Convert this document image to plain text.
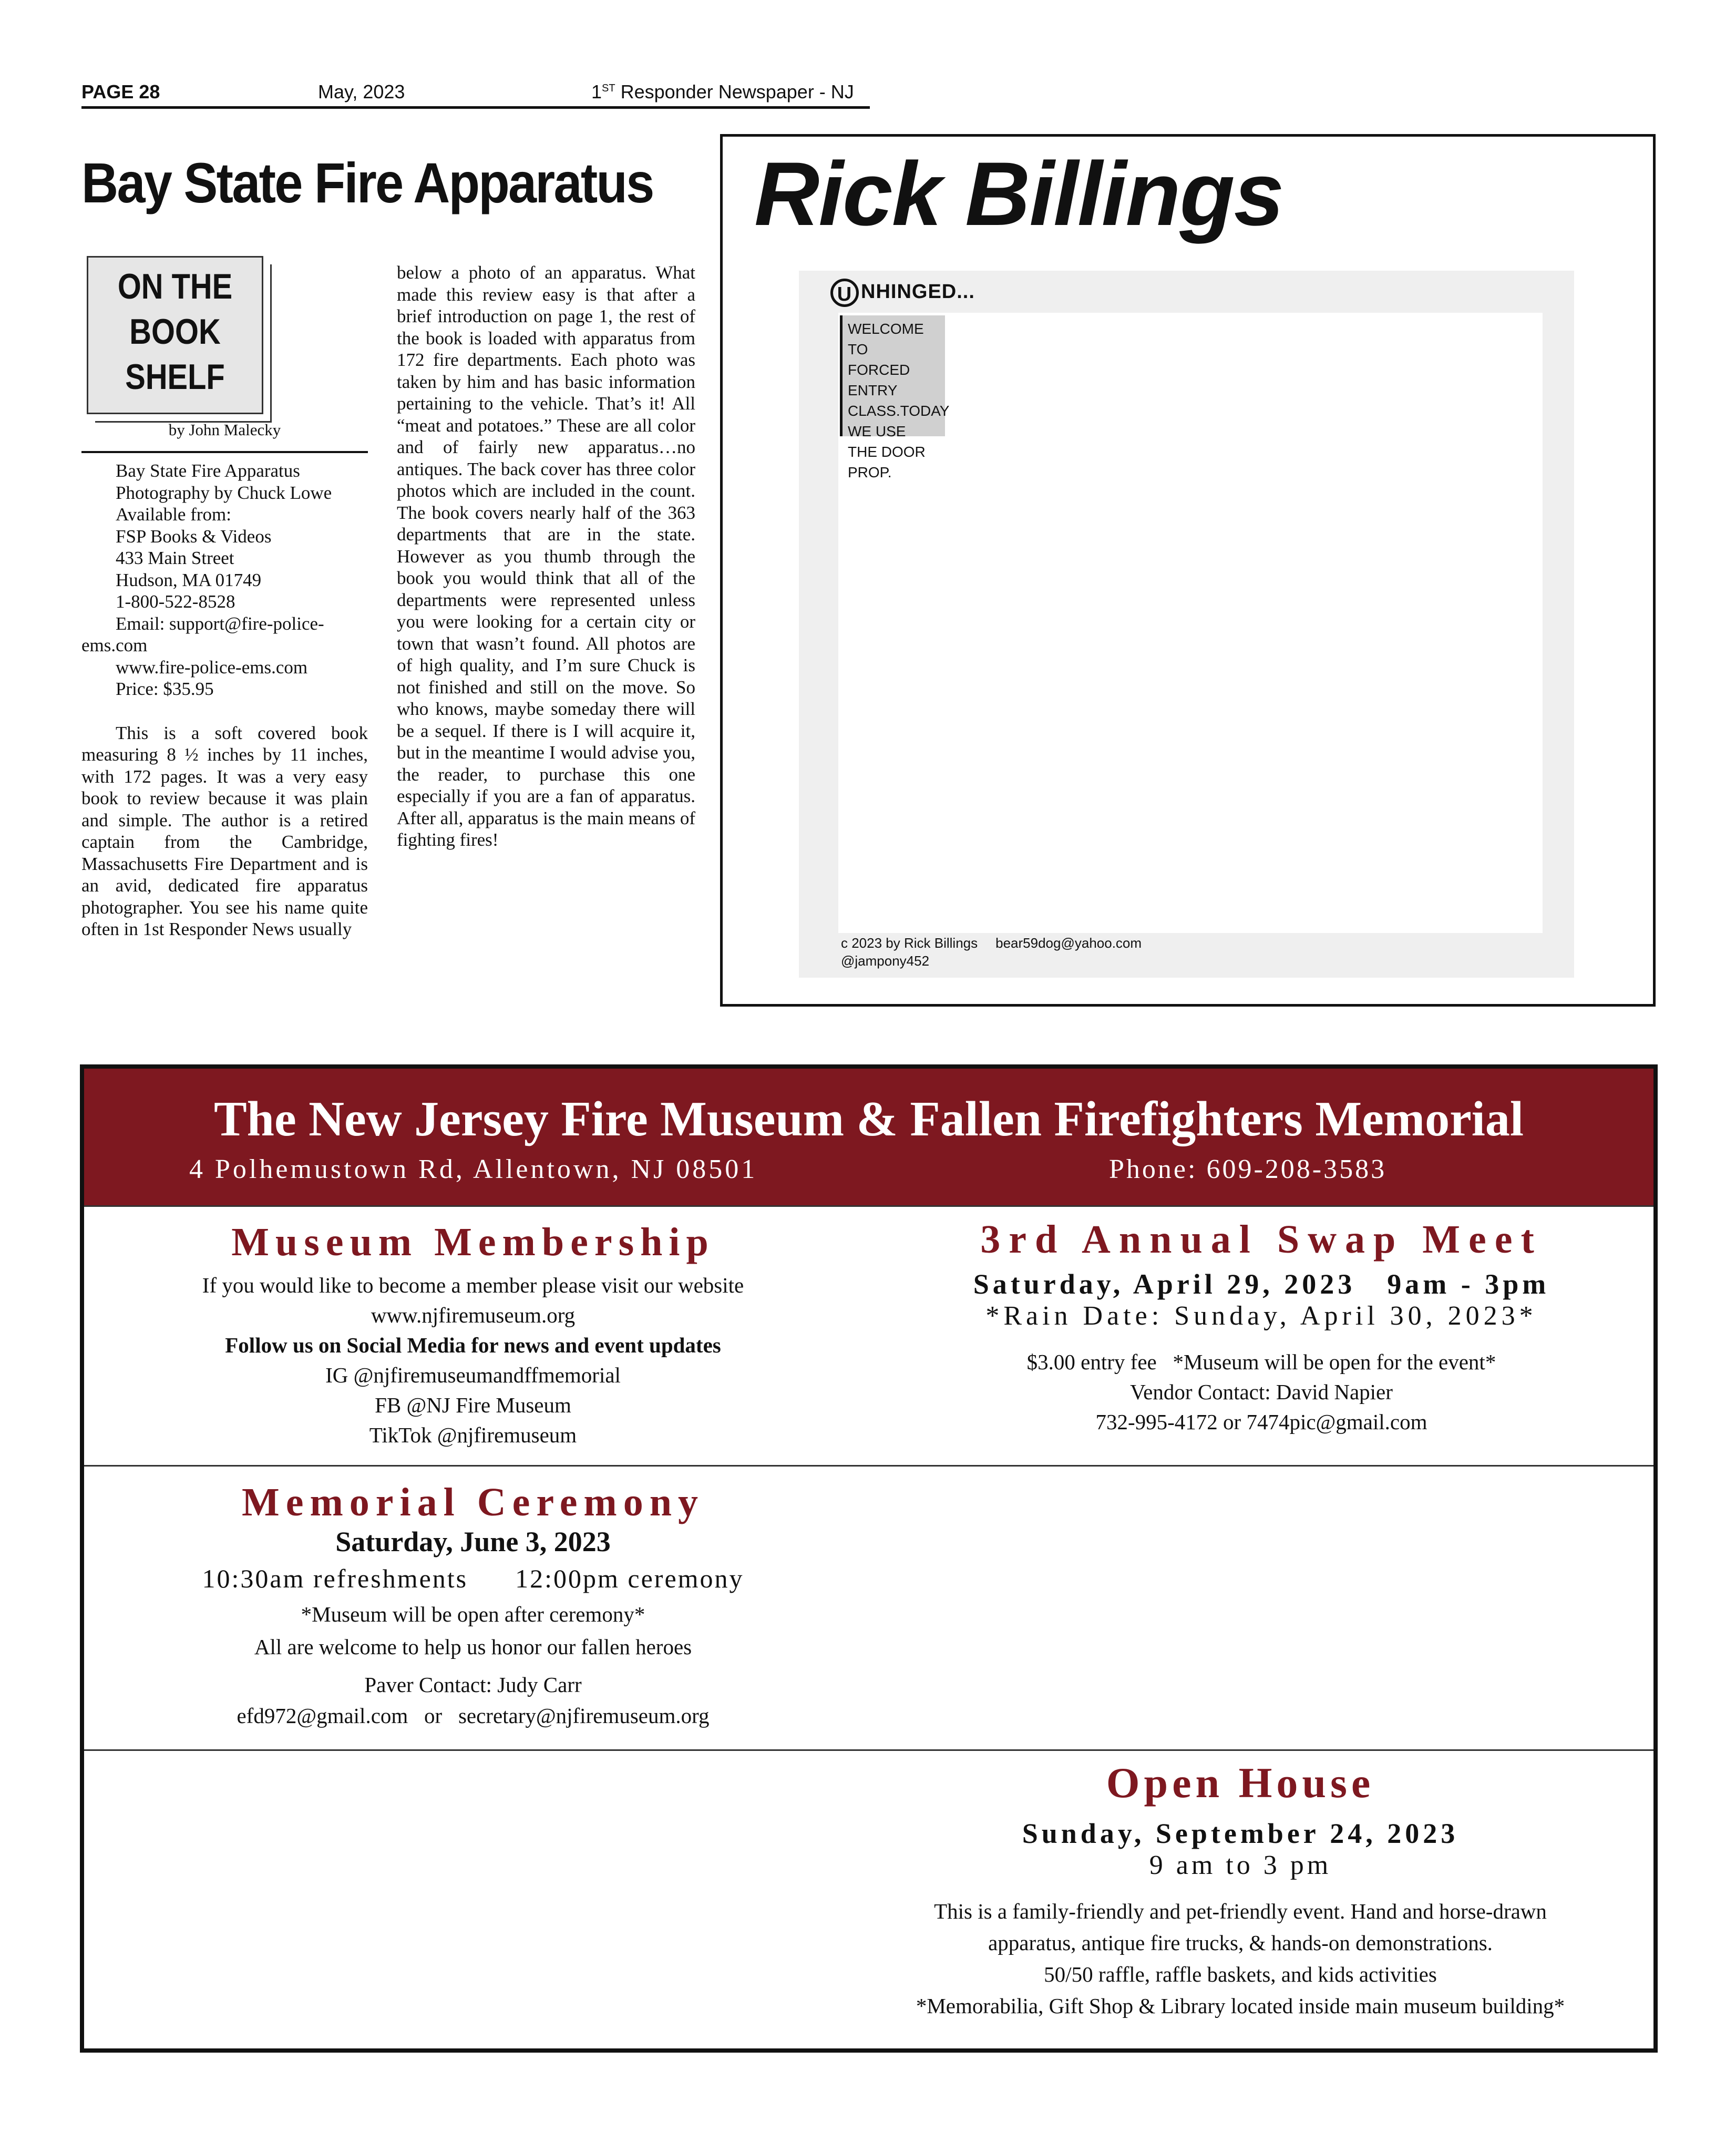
PAGE 28	May, 2023	1ST Responder Newspaper - NJ
Bay State Fire Apparatus
ON THE
BOOK
SHELF
by John Malecky

Bay State Fire Apparatus

Photography by Chuck Lowe

Available from:

FSP Books & Videos

433 Main Street

Hudson, MA 01749

1-800-522-8528

Email: support@fire-police-

ems.com

www.fire-police-ems.com

Price: $35.95

This is a soft covered book measuring 8 ½ inches by 11 inches, with 172 pages. It was a very easy book to review because it was plain and simple. The author is a retired captain from the Cambridge, Massachusetts Fire Department and is an avid, dedicated fire apparatus photographer. You see his name quite often in 1st Responder News usually

below a photo of an apparatus. What made this review easy is that after a brief introduction on page 1, the rest of the book is loaded with apparatus from 172 fire departments. Each photo was taken by him and has basic information pertaining to the vehicle. That’s it! All “meat and potatoes.” These are all color and of fairly new apparatus…no antiques. The back cover has three color photos which are included in the count. The book covers nearly half of the 363 departments that are in the state. However as you thumb through the book you would think that all of the departments were represented unless you were looking for a certain city or town that wasn’t found. All photos are of high quality, and I’m sure Chuck is not finished and still on the move. So who knows, maybe someday there will be a sequel. If there is I will acquire it, but in the meantime I would advise you, the reader, to purchase this one especially if you are a fan of apparatus. After all, apparatus is the main means of fighting fires!

Rick Billings
U NHINGED...
WELCOME TO
FORCED ENTRY
CLASS.TODAY
WE USE
THE DOOR
PROP.
c 2023 by Rick Billings bear59dog@yahoo.com
@jampony452
The New Jersey Fire Museum & Fallen Firefighters Memorial
4 Polhemustown Rd, Allentown, NJ 08501	Phone: 609-208-3583
Museum Membership
If you would like to become a member please visit our website
www.njfiremuseum.org
Follow us on Social Media for news and event updates
IG @njfiremuseumandffmemorial
FB @NJ Fire Museum
TikTok @njfiremuseum
3rd Annual Swap Meet
Saturday, April 29, 2023 9am - 3pm
*Rain Date: Sunday, April 30, 2023*
$3.00 entry fee   *Museum will be open for the event*
Vendor Contact: David Napier
732-995-4172 or 7474pic@gmail.com
Memorial Ceremony
Saturday, June 3, 2023
10:30am refreshments 12:00pm ceremony
*Museum will be open after ceremony*
All are welcome to help us honor our fallen heroes
Paver Contact: Judy Carr
efd972@gmail.com   or   secretary@njfiremuseum.org
Open House
Sunday, September 24, 2023
9 am to 3 pm
This is a family-friendly and pet-friendly event. Hand and horse-drawn
apparatus, antique fire trucks, & hands-on demonstrations.
50/50 raffle, raffle baskets, and kids activities
*Memorabilia, Gift Shop & Library located inside main museum building*
